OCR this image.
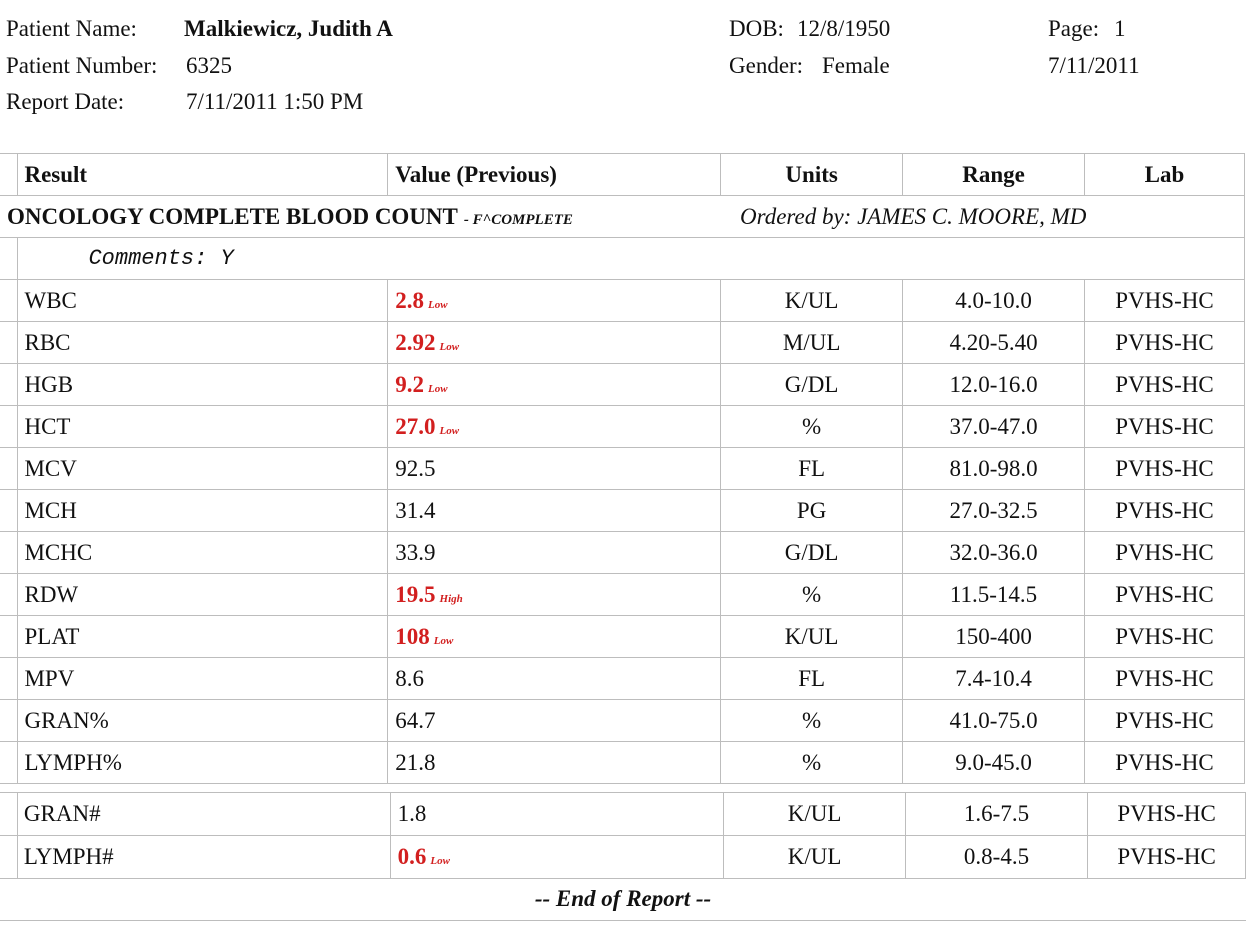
Patient Name: Malkiewicz, Judith A
Patient Number: 6325
Report Date:	7/11/2011 1:50 PM
DOB: 12/8/1950
Gender: Female
Page: 1
7/11/2011
	Result	Value (Previous)	Units	Range	Lab
ONCOLOGY COMPLETE BLOOD COUNT - F^COMPLETE Ordered by: JAMES C. MOORE, MD					

	Comments: Y				
	WBC	2.8 Low	K/UL	4.0-10.0	PVHS-HC
	RBC	2.92 Low	M/UL	4.20-5.40	PVHS-HC
	HGB	9.2 Low	G/DL	12.0-16.0	PVHS-HC
	HCT	27.0 Low	%	37.0-47.0	PVHS-HC
	MCV	92.5	FL	81.0-98.0	PVHS-HC
	MCH	31.4	PG	27.0-32.5	PVHS-HC
	MCHC	33.9	G/DL	32.0-36.0	PVHS-HC
	RDW	19.5 High	%	11.5-14.5	PVHS-HC
	PLAT	108 Low	K/UL	150-400	PVHS-HC
	MPV	8.6	FL	7.4-10.4	PVHS-HC
	GRAN%	64.7	%	41.0-75.0	PVHS-HC
	LYMPH%	21.8	%	9.0-45.0	PVHS-HC
	GRAN#	1.8	K/UL	1.6-7.5	PVHS-HC
	LYMPH#	0.6 Low	K/UL	0.8-4.5	PVHS-HC
-- End of Report --
